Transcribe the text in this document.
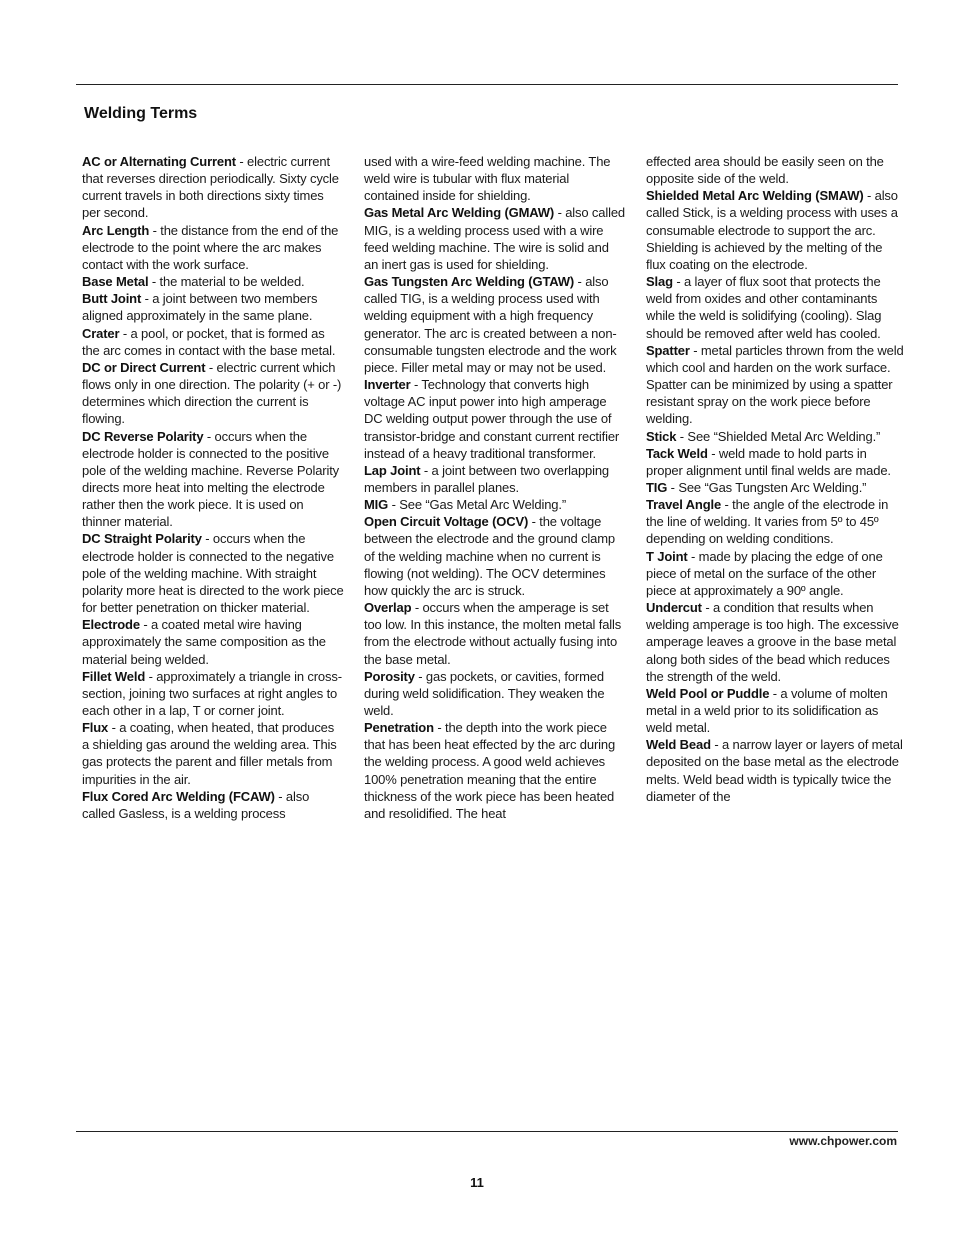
Welding Terms

AC or Alternating Current - electric current that reverses direction periodically. Sixty cycle current travels in both directions sixty times per second.

Arc Length - the distance from the end of the electrode to the point where the arc makes contact with the work surface.

Base Metal - the material to be welded.

Butt Joint - a joint between two members aligned approximately in the same plane.

Crater - a pool, or pocket, that is formed as the arc comes in contact with the base metal.

DC or Direct Current - electric current which flows only in one direction. The polarity (+ or -) determines which direction the current is flowing.

DC Reverse Polarity - occurs when the electrode holder is connected to the positive pole of the welding machine. Reverse Polarity directs more heat into melting the electrode rather then the work piece. It is used on thinner material.

DC Straight Polarity - occurs when the electrode holder is connected to the negative pole of the welding machine. With straight polarity more heat is directed to the work piece for better penetration on thicker material.

Electrode - a coated metal wire having approximately the same composition as the material being welded.

Fillet Weld - approximately a triangle in cross-section, joining two surfaces at right angles to each other in a lap, T or corner joint.

Flux - a coating, when heated, that produces a shielding gas around the welding area. This gas protects the parent and filler metals from impurities in the air.

Flux Cored Arc Welding (FCAW) - also called Gasless, is a welding process

used with a wire-feed welding machine. The weld wire is tubular with flux material contained inside for shielding.

Gas Metal Arc Welding (GMAW) - also called MIG, is a welding process used with a wire feed welding machine. The wire is solid and an inert gas is used for shielding.

Gas Tungsten Arc Welding (GTAW) - also called TIG, is a welding process used with welding equipment with a high frequency generator. The arc is created between a non-consumable tungsten electrode and the work piece. Filler metal may or may not be used.

Inverter - Technology that converts high voltage AC input power into high amperage DC welding output power through the use of transistor-bridge and constant current rectifier instead of a heavy traditional transformer.

Lap Joint - a joint between two overlapping members in parallel planes.

MIG - See “Gas Metal Arc Welding.”

Open Circuit Voltage (OCV) - the voltage between the electrode and the ground clamp of the welding machine when no current is flowing (not welding). The OCV determines how quickly the arc is struck.

Overlap - occurs when the amperage is set too low. In this instance, the molten metal falls from the electrode without actually fusing into the base metal.

Porosity - gas pockets, or cavities, formed during weld solidification. They weaken the weld.

Penetration - the depth into the work piece that has been heat effected by the arc during the welding process. A good weld achieves 100% penetration meaning that the entire thickness of the work piece has been heated and resolidified. The heat

effected area should be easily seen on the opposite side of the weld.

Shielded Metal Arc Welding (SMAW) - also called Stick, is a welding process with uses a consumable electrode to support the arc. Shielding is achieved by the melting of the flux coating on the electrode.

Slag - a layer of flux soot that protects the weld from oxides and other contaminants while the weld is solidifying (cooling). Slag should be removed after weld has cooled.

Spatter - metal particles thrown from the weld which cool and harden on the work surface. Spatter can be minimized by using a spatter resistant spray on the work piece before welding.

Stick - See “Shielded Metal Arc Welding.”

Tack Weld - weld made to hold parts in proper alignment until final welds are made.

TIG - See “Gas Tungsten Arc Welding.”

Travel Angle - the angle of the electrode in the line of welding. It varies from 5º to 45º depending on welding conditions.

T Joint - made by placing the edge of one piece of metal on the surface of the other piece at approximately a 90º angle.

Undercut - a condition that results when welding amperage is too high. The excessive amperage leaves a groove in the base metal along both sides of the bead which reduces the strength of the weld.

Weld Pool or Puddle - a volume of molten metal in a weld prior to its solidification as weld metal.

Weld Bead - a narrow layer or layers of metal deposited on the base metal as the electrode melts. Weld bead width is typically twice the diameter of the

www.chpower.com
11
